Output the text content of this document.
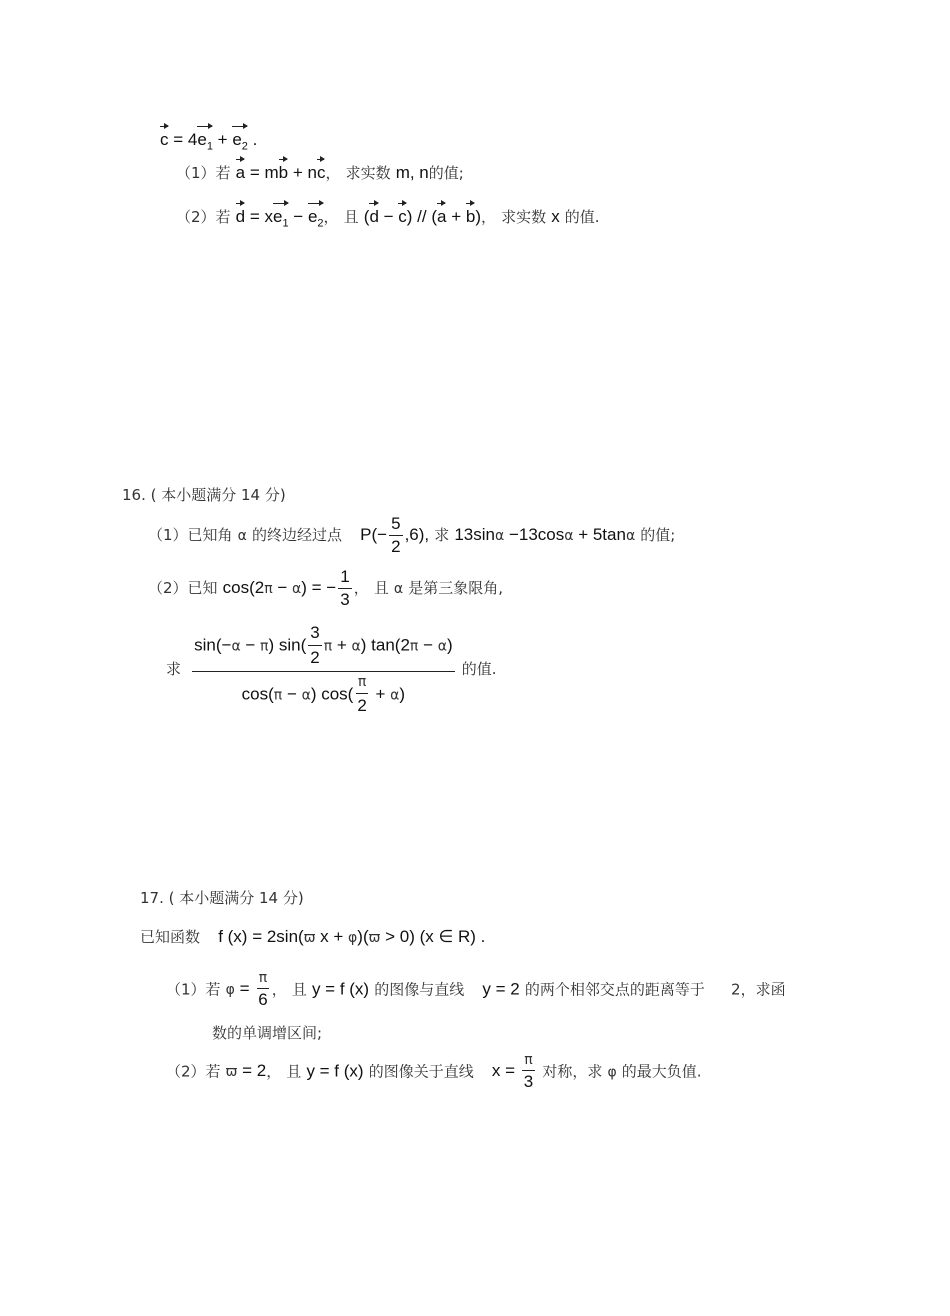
$c = 4e_1 + e_2$ .
（1）若 a = mb + nc， 求实数 m, n的值;
（2）若 $d = xe_1 - e_2$， 且 (d − c) // (a + b)， 求实数 x 的值.
16. ( 本小题满分 14 分)
（1）已知角 α 的终边经过点 $P(- \frac{5}{2} ,6)$, 求 13sinα −13cosα + 5tanα 的值;
（2）已知 cos(2π − α) = − $\frac{1}{3}$ ， 且 α 是第三象限角,
求 $\frac{\sin(-\alpha - \pi) \sin( \frac{3}{2} \pi + \alpha) \tan(2\pi - \alpha)}{\cos(\pi - \alpha) \cos( \frac{\pi}{2} + \alpha)}$ 的值.
17. ( 本小题满分 14 分)
已知函数 f (x) = 2sin(ϖ x + φ)(ϖ > 0) (x ∈ R) .
（1）若 $\varphi = \frac{\pi}{6}$ ， 且 y = f (x) 的图像与直线 y = 2 的两个相邻交点的距离等于 2，求函
数的单调增区间;
（2）若 ϖ = 2， 且 y = f (x) 的图像关于直线 $x = \frac{\pi}{3}$ 对称，求 φ 的最大负值.
